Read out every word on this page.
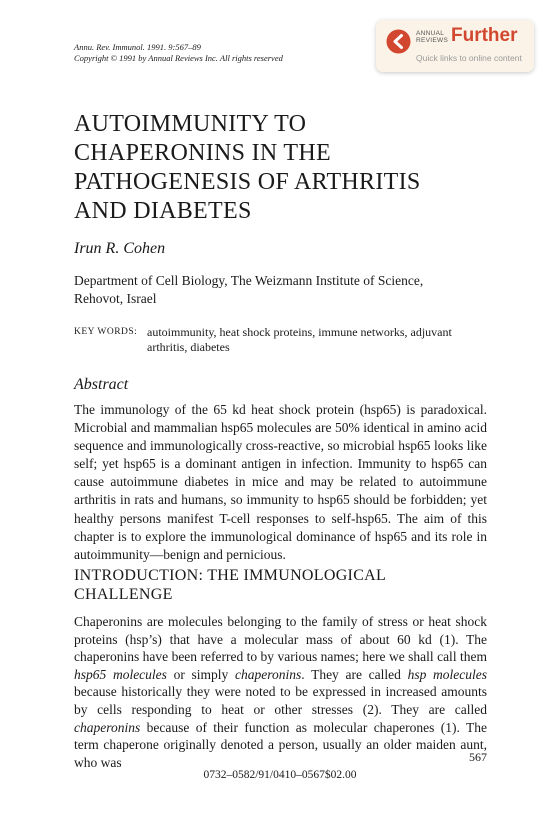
Annu. Rev. Immunol. 1991. 9:567–89
Copyright © 1991 by Annual Reviews Inc. All rights reserved
ANNUAL
REVIEWS Further
Quick links to online content
AUTOIMMUNITY TO
CHAPERONINS IN THE
PATHOGENESIS OF ARTHRITIS
AND DIABETES
Irun R. Cohen
Department of Cell Biology, The Weizmann Institute of Science,
Rehovot, Israel
KEY WORDS: autoimmunity, heat shock proteins, immune networks, adjuvant arthritis, diabetes
Abstract
The immunology of the 65 kd heat shock protein (hsp65) is paradoxical. Microbial and mammalian hsp65 molecules are 50% identical in amino acid sequence and immunologically cross-reactive, so microbial hsp65 looks like self; yet hsp65 is a dominant antigen in infection. Immunity to hsp65 can cause autoimmune diabetes in mice and may be related to autoimmune arthritis in rats and humans, so immunity to hsp65 should be forbidden; yet healthy persons manifest T-cell responses to self-hsp65. The aim of this chapter is to explore the immunological dominance of hsp65 and its role in autoimmunity—benign and pernicious.
INTRODUCTION: THE IMMUNOLOGICAL
CHALLENGE
Chaperonins are molecules belonging to the family of stress or heat shock proteins (hsp’s) that have a molecular mass of about 60 kd (1). The chaperonins have been referred to by various names; here we shall call them hsp65 molecules or simply chaperonins. They are called hsp molecules because historically they were noted to be expressed in increased amounts by cells responding to heat or other stresses (2). They are called chaperonins because of their function as molecular chaperones (1). The term chaperone originally denoted a person, usually an older maiden aunt, who was	567
0732–0582/91/0410–0567$02.00
